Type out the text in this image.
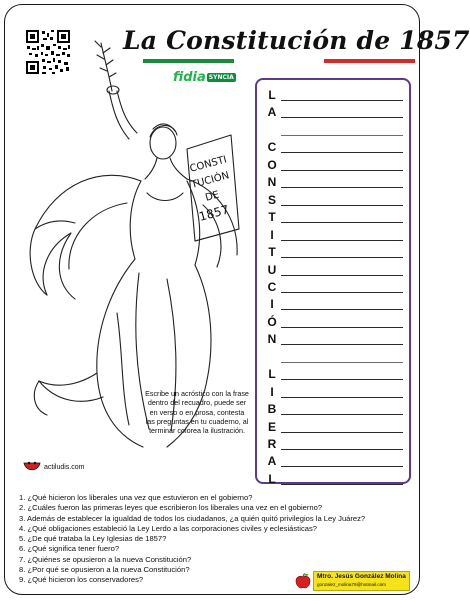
La Constitución de 1857
fidia SYNCIA
CONSTI
TUCIÓN
DE
1857
Escribe un acróstico con la frase dentro del recuadro, puede ser en verso o en prosa, contesta las preguntas en tu cuaderno, al terminar colorea la ilustración.
actiludis.com
L
A
C
O
N
S
T
I
T
U
C
I
Ó
N
L
I
B
E
R
A
L
1. ¿Qué hicieron los liberales una vez que estuvieron en el gobierno?
2. ¿Cuáles fueron las primeras leyes que escribieron los liberales una vez en el gobierno?
3. Además de establecer la igualdad de todos los ciudadanos, ¿a quién quitó privilegios la Ley Juárez?
4. ¿Qué obligaciones estableció la Ley Lerdo a las corporaciones civiles y eclesiásticas?
5. ¿De qué trataba la Ley Iglesias de 1857?
6. ¿Qué significa tener fuero?
7. ¿Quiénes se opusieron a la nueva Constitución?
8. ¿Por qué se opusieron a la nueva Constitución?
9. ¿Qué hicieron los conservadores?	Mtro. Jesús González Molina
gonzalez_molina79@hotmail.com
